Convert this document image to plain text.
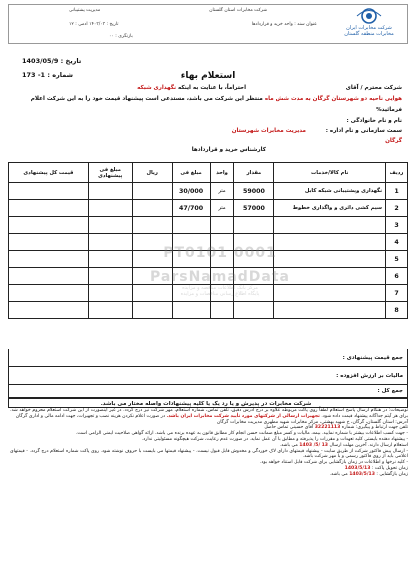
شرکت مخابرات ایران
مخابرات منطقه گلستان
شرکت مخابرات استان گلستان
مدیریت پشتیبانی
عنوان سند : واحد خرید و قراردادها
تاریخ : ۱۴۰۳/۰۳ ادمی : ۱۲
بازنگری : ۰۰
تاریخ : 1403/05/9
شماره : 1- 173	استعلام بهاء
شرکت محترم / آقای
احتراماً، با عنایت به اینکه نگهداری شبکه
هوایی ناحیه دو شهرستان گرگان به مدت شش ماه منتظر این شرکت می باشد، مستدعی است پیشنهاد قیمت خود را به این شرکت اعلام
فرمائید%
نام و نام خانوادگی :
سمت سازمانی و نام اداره :
مدیریت مخابرات شهرستان
گرگان
کارشناس خرید و قراردادها
ردیف	نام کالا/خدمات	مقدار	واحد	مبلغ فی	ریال	مبلغ فی پیشنهادی	قیمت کل پیشنهادی
1	نگهداری وپشتیبانی شبکه کابل	59000	متر	30/000			
2	سیم کشی دائری و واگذاری خطوط	57000	متر	47/700			
3							
4							
5							
6							
7							
8							
جمع قیمت پیشنهادی :
مالیات بر ارزش افزوده :
جمع کل :
شرکت مخابرات در پذیرش و یا رد یک یا کلیه پیشنهادات واصله مختار می باشد.
PT0101 0001
ParsNamadData
مرکز بانک اطلاعات مناقصه و مزایده
پایگاه اطلاع رسانی مناقصات و مزایده
توضیحات: در هنگام ارسال پاسخ استعلام لطفاً روی پاکت مربوطه علاوه بر درج آدرس دقیق، تلفن تماس، شماره استعلام، مهر شرکت نیز درج گردد. در غیر اینصورت از این شرکت استعلام محروم خواهد شد. برای هر آیتم جداگانه پیشنهاد قیمت داده شود. تجهیزات ارسالی از شرکتهای مورد تأیید شرکت مخابرات ایران باشد. در صورت اعلام نکردن هزینه نصب و تجهیزات، جهت ادامه مالی و اداری گرگان
آدرس: استان گلستان، گرگان، خ شهید بهشتی، مرکز مخابرات شهید مطهری مدیریت مخابرات گرگان
تلفن جهت ارتباط و پیگیری: شماره 32221113 آقای حسینی تماس حاصل
- جهت کسب اطلاعات بیشتر با شماره نمایید. بیمه، مالیات و کسر مبلغ ضمانت حسن انجام کار مطابق قانون به عهده برنده می باشد. ارائه گواهی صلاحیت ایمنی الزامی است.
- پیشنهاد دهنده بایستی کلیه تعهدات و مقررات را پذیرفته و مطابق با آن عمل نماید. در صورت عدم رعایت، شرکت هیچگونه مسئولیتی ندارد.
استعلام ارسال دارند. آخرین مهلت ارسال 13 /5/ 1403 می باشد.
- ارسال پیش فاکتور شرکت از طریق سایت - پیشنهاد قیمتهای دارای لاک خوردگی و مخدوش قابل قبول نیست. - پیشنهاد قیمتها می بایست با حروف نوشته شود. روی پاکت شماره استعلام درج گردد. - قیمتهای اعلامی باید از روی فاکتور رسمی و با مهر شرکت باشد.
- کلیه نرخها و اطلاعات در زمان بازگشایی برای شرکت قابل استناد خواهد بود.
زمان تحویل پاکت : 1403/5/13
زمان بازگشایی : 1403/5/13 می باشد.
